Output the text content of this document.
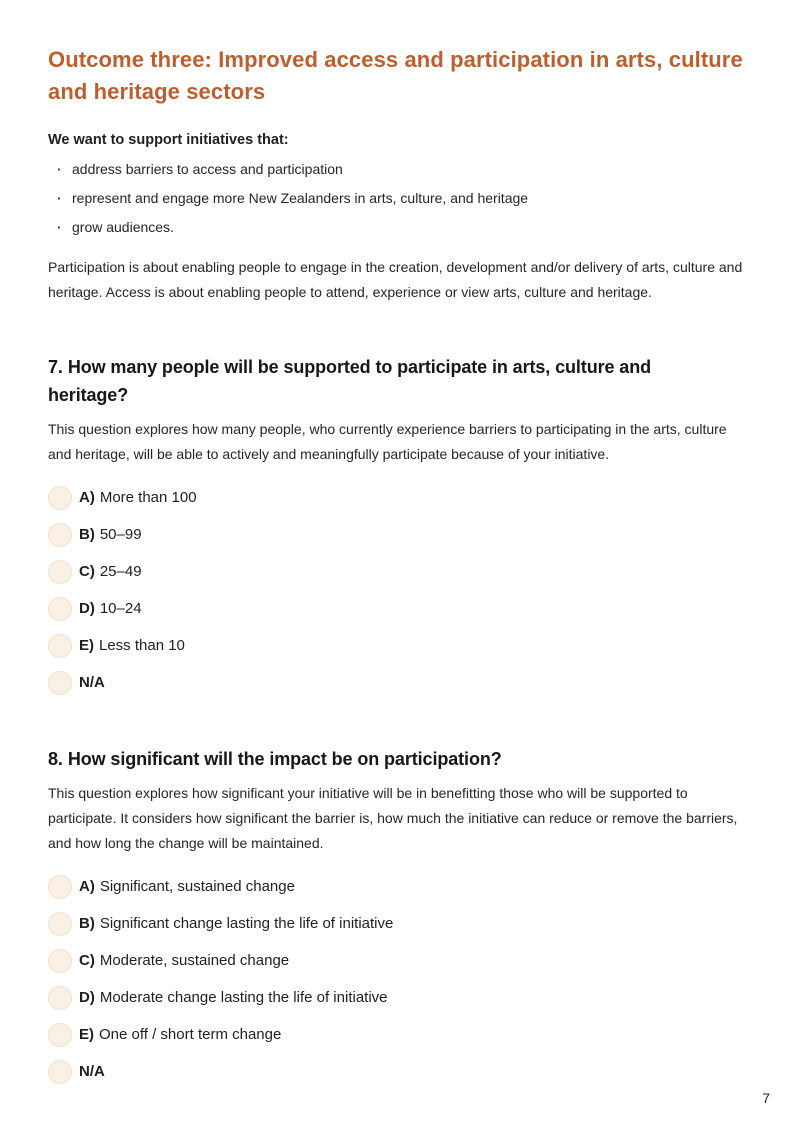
Outcome three: Improved access and participation in arts, culture and heritage sectors

We want to support initiatives that:

·
address barriers to access and participation
·
represent and engage more New Zealanders in arts, culture, and heritage
·
grow audiences.

Participation is about enabling people to engage in the creation, development and/or delivery of arts, culture and heritage. Access is about enabling people to attend, experience or view arts, culture and heritage.

7. How many people will be supported to participate in arts, culture and heritage?

This question explores how many people, who currently experience barriers to participating in the arts, culture and heritage, will be able to actively and meaningfully participate because of your initiative.

A) More than 100
B) 50–99
C) 25–49
D) 10–24
E) Less than 10
N/A
8. How significant will the impact be on participation?

This question explores how significant your initiative will be in benefitting those who will be supported to participate. It considers how significant the barrier is, how much the initiative can reduce or remove the barriers, and how long the change will be maintained.

A) Significant, sustained change
B) Significant change lasting the life of initiative
C) Moderate, sustained change
D) Moderate change lasting the life of initiative
E) One off / short term change
N/A
7
